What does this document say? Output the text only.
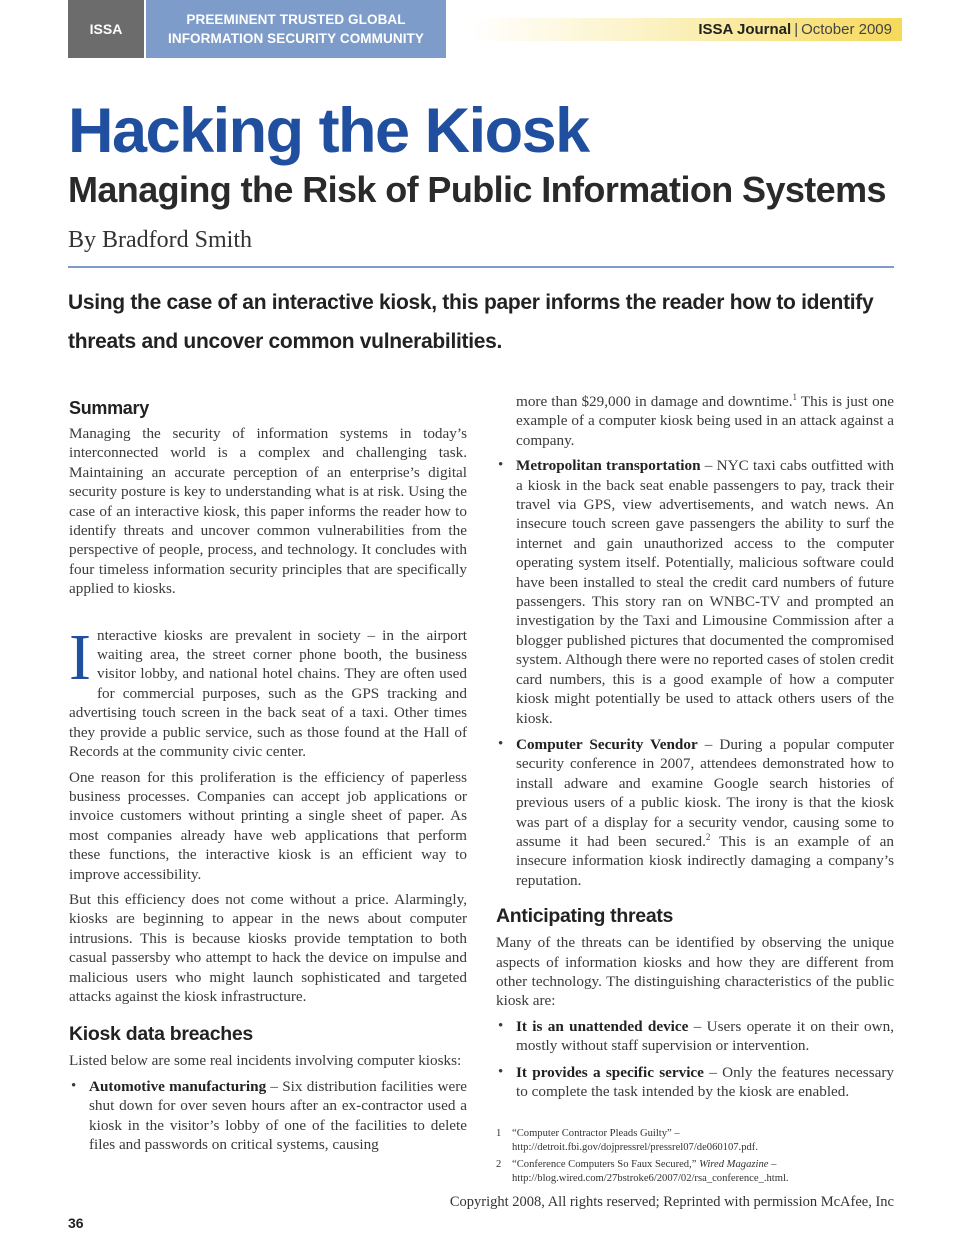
ISSA
PREEMINENT TRUSTED GLOBAL
INFORMATION SECURITY COMMUNITY
ISSA Journal | October 2009
Hacking the Kiosk
Managing the Risk of Public Information Systems
By Bradford Smith
Using the case of an interactive kiosk, this paper informs the reader how to identify threats and uncover common vulnerabilities.
Summary

Managing the security of information systems in today’s interconnected world is a complex and challenging task. Maintaining an accurate perception of an enterprise’s digital security posture is key to understanding what is at risk. Using the case of an interactive kiosk, this paper informs the reader how to identify threats and uncover common vulnerabilities from the perspective of people, process, and technology. It concludes with four timeless information security principles that are specifically applied to kiosks.

Interactive kiosks are prevalent in society – in the airport waiting area, the street corner phone booth, the business visitor lobby, and national hotel chains. They are often used for commercial purposes, such as the GPS tracking and advertising touch screen in the back seat of a taxi. Other times they provide a public service, such as those found at the Hall of Records at the community civic center.

One reason for this proliferation is the efficiency of paperless business processes. Companies can accept job applications or invoice customers without printing a single sheet of paper. As most companies already have web applications that perform these functions, the interactive kiosk is an efficient way to improve accessibility.

But this efficiency does not come without a price. Alarmingly, kiosks are beginning to appear in the news about computer intrusions. This is because kiosks provide temptation to both casual passersby who attempt to hack the device on impulse and malicious users who might launch sophisticated and targeted attacks against the kiosk infrastructure.

Kiosk data breaches

Listed below are some real incidents involving computer kiosks:

• Automotive manufacturing – Six distribution facilities were shut down for over seven hours after an ex-contractor used a kiosk in the visitor’s lobby of one of the facilities to delete files and passwords on critical systems, causing

more than $29,000 in damage and downtime.$^1$ This is just one example of a computer kiosk being used in an attack against a company.

• Metropolitan transportation – NYC taxi cabs outfitted with a kiosk in the back seat enable passengers to pay, track their travel via GPS, view advertisements, and watch news. An insecure touch screen gave passengers the ability to surf the internet and gain unauthorized access to the computer operating system itself. Potentially, malicious software could have been installed to steal the credit card numbers of future passengers. This story ran on WNBC-TV and prompted an investigation by the Taxi and Limousine Commission after a blogger published pictures that documented the compromised system. Although there were no reported cases of stolen credit card numbers, this is a good example of how a computer kiosk might potentially be used to attack others users of the kiosk.
• Computer Security Vendor – During a popular computer security conference in 2007, attendees demonstrated how to install adware and examine Google search histories of previous users of a public kiosk. The irony is that the kiosk was part of a display for a security vendor, causing some to assume it had been secured.$^2$ This is an example of an insecure information kiosk indirectly damaging a company’s reputation.
Anticipating threats

Many of the threats can be identified by observing the unique aspects of information kiosks and how they are different from other technology. The distinguishing characteristics of the public kiosk are:

• It is an unattended device – Users operate it on their own, mostly without staff supervision or intervention.
• It provides a specific service – Only the features necessary to complete the task intended by the kiosk are enabled.
1 “Computer Contractor Pleads Guilty” – http://detroit.fbi.gov/dojpressrel/pressrel07/de060107.pdf.
2 “Conference Computers So Faux Secured,” Wired Magazine – http://blog.wired.com/27bstroke6/2007/02/rsa_conference_.html.
Copyright 2008, All rights reserved; Reprinted with permission McAfee, Inc
36
